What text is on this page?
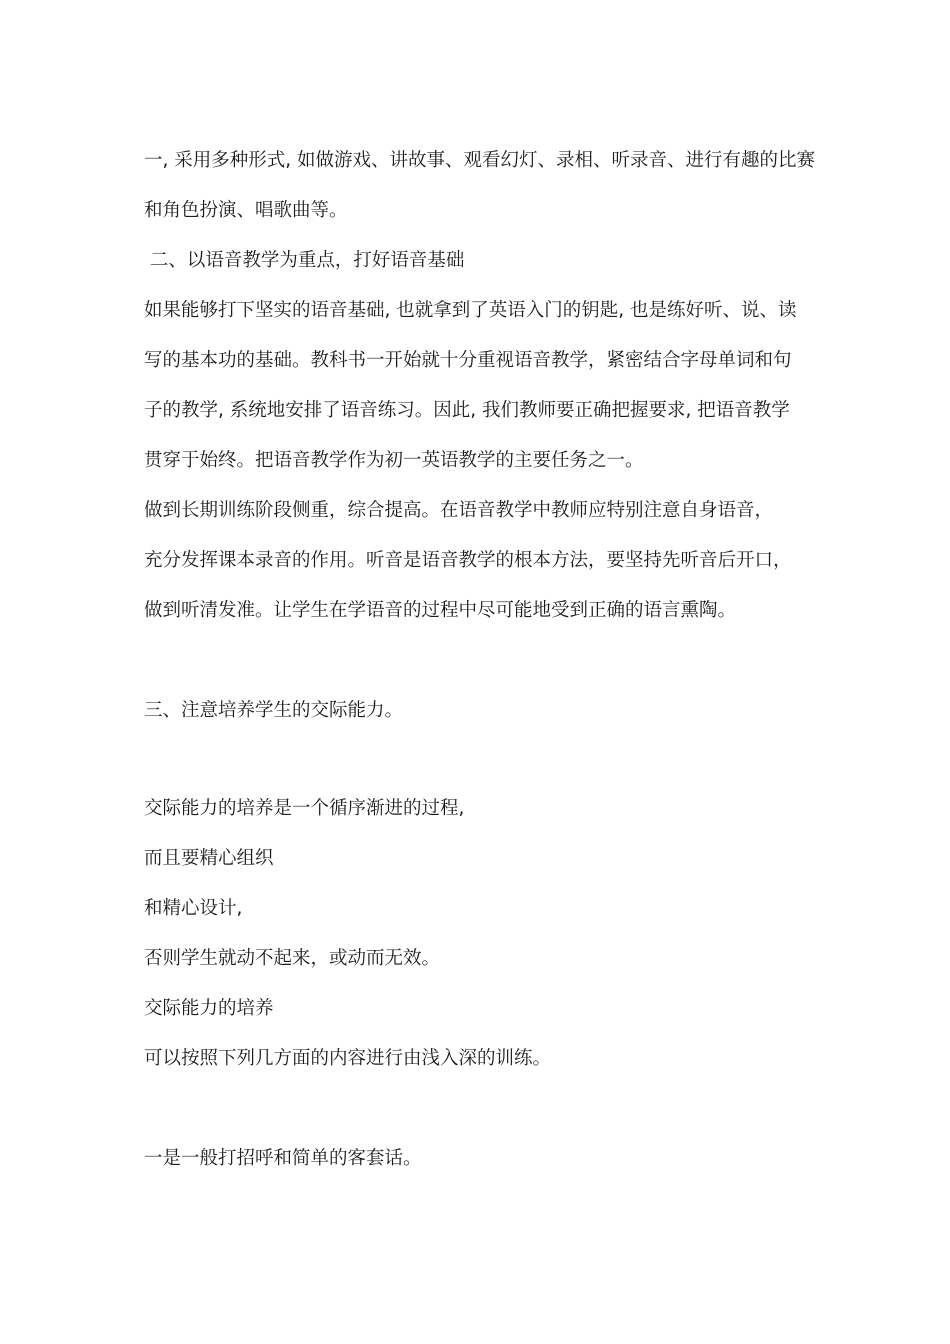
一, 采用多种形式, 如做游戏、讲故事、观看幻灯、录相、听录音、进行有趣的比赛
和角色扮演、唱歌曲等。
二、以语音教学为重点，打好语音基础
如果能够打下坚实的语音基础, 也就拿到了英语入门的钥匙, 也是练好听、说、读
写的基本功的基础。教科书一开始就十分重视语音教学，紧密结合字母单词和句
子的教学, 系统地安排了语音练习。因此, 我们教师要正确把握要求, 把语音教学
贯穿于始终。把语音教学作为初一英语教学的主要任务之一。
做到长期训练阶段侧重，综合提高。在语音教学中教师应特别注意自身语音，
充分发挥课本录音的作用。听音是语音教学的根本方法，要坚持先听音后开口，
做到听清发准。让学生在学语音的过程中尽可能地受到正确的语言熏陶。
三、注意培养学生的交际能力。
交际能力的培养是一个循序渐进的过程,
而且要精心组织
和精心设计,
否则学生就动不起来，或动而无效。
交际能力的培养
可以按照下列几方面的内容进行由浅入深的训练。
一是一般打招呼和简单的客套话。
